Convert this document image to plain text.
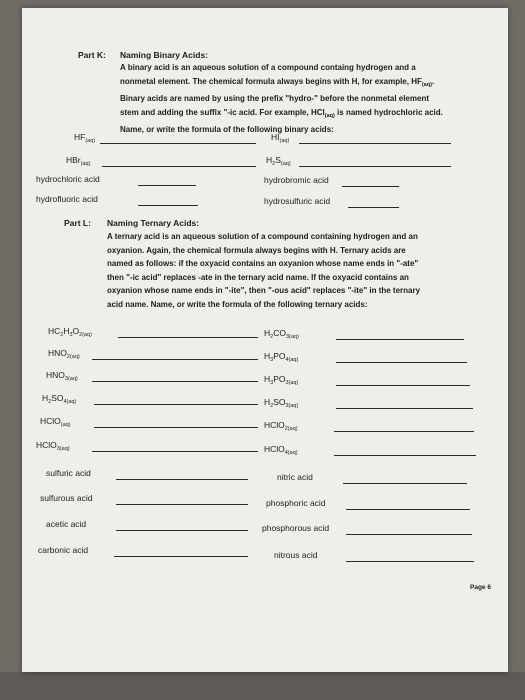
Part K: Naming Binary Acids:
A binary acid is an aqueous solution of a compound containg hydrogen and a
nonmetal element. The chemical formula always begins with H, for example, $HF_{(aq)}$.
Binary acids are named by using the prefix "hydro-" before the nonmetal element
stem and adding the suffix "-ic acid. For example, HCl$_{(aq)}$ is named hydrochloric acid.
Name, or write the formula of the following binary acids:
$HF_{(aq)}$	$HI_{(aq)}$
HBr$_{(aq)}$	$H_2S_{(aq)}$
hydrochloric acid	hydrobromic acid
hydrofluoric acid	hydrosulfuric acid
Part L: Naming Ternary Acids:
A ternary acid is an aqueous solution of a compound containing hydrogen and an
oxyanion. Again, the chemical formula always begins with H. Ternary acids are
named as follows: if the oxyacid contains an oxyanion whose name ends in "-ate"
then "-ic acid" replaces -ate in the ternary acid name. If the oxyacid contains an
oxyanion whose name ends in "-ite", then "-ous acid" replaces "-ite" in the ternary
acid name. Name, or write the formula of the following ternary acids:
$HC_2H_3O_{2(aq)}$	$H_2CO_{3(aq)}$
$HNO_{2(aq)}$	$H_3PO_{4(aq)}$
$HNO_{3(aq)}$	$H_3PO_{3(aq)}$
$H_2SO_{4(aq)}$	$H_2SO_{3(aq)}$
HClO$_{(aq)}$	HClO$_{2(aq)}$
HClO$_{3(aq)}$	HClO$_{4(aq)}$
sulfuric acid	nitric acid
sulfurous acid	phosphoric acid
acetic acid	phosphorous acid
carbonic acid	nitrous acid
Page 6
